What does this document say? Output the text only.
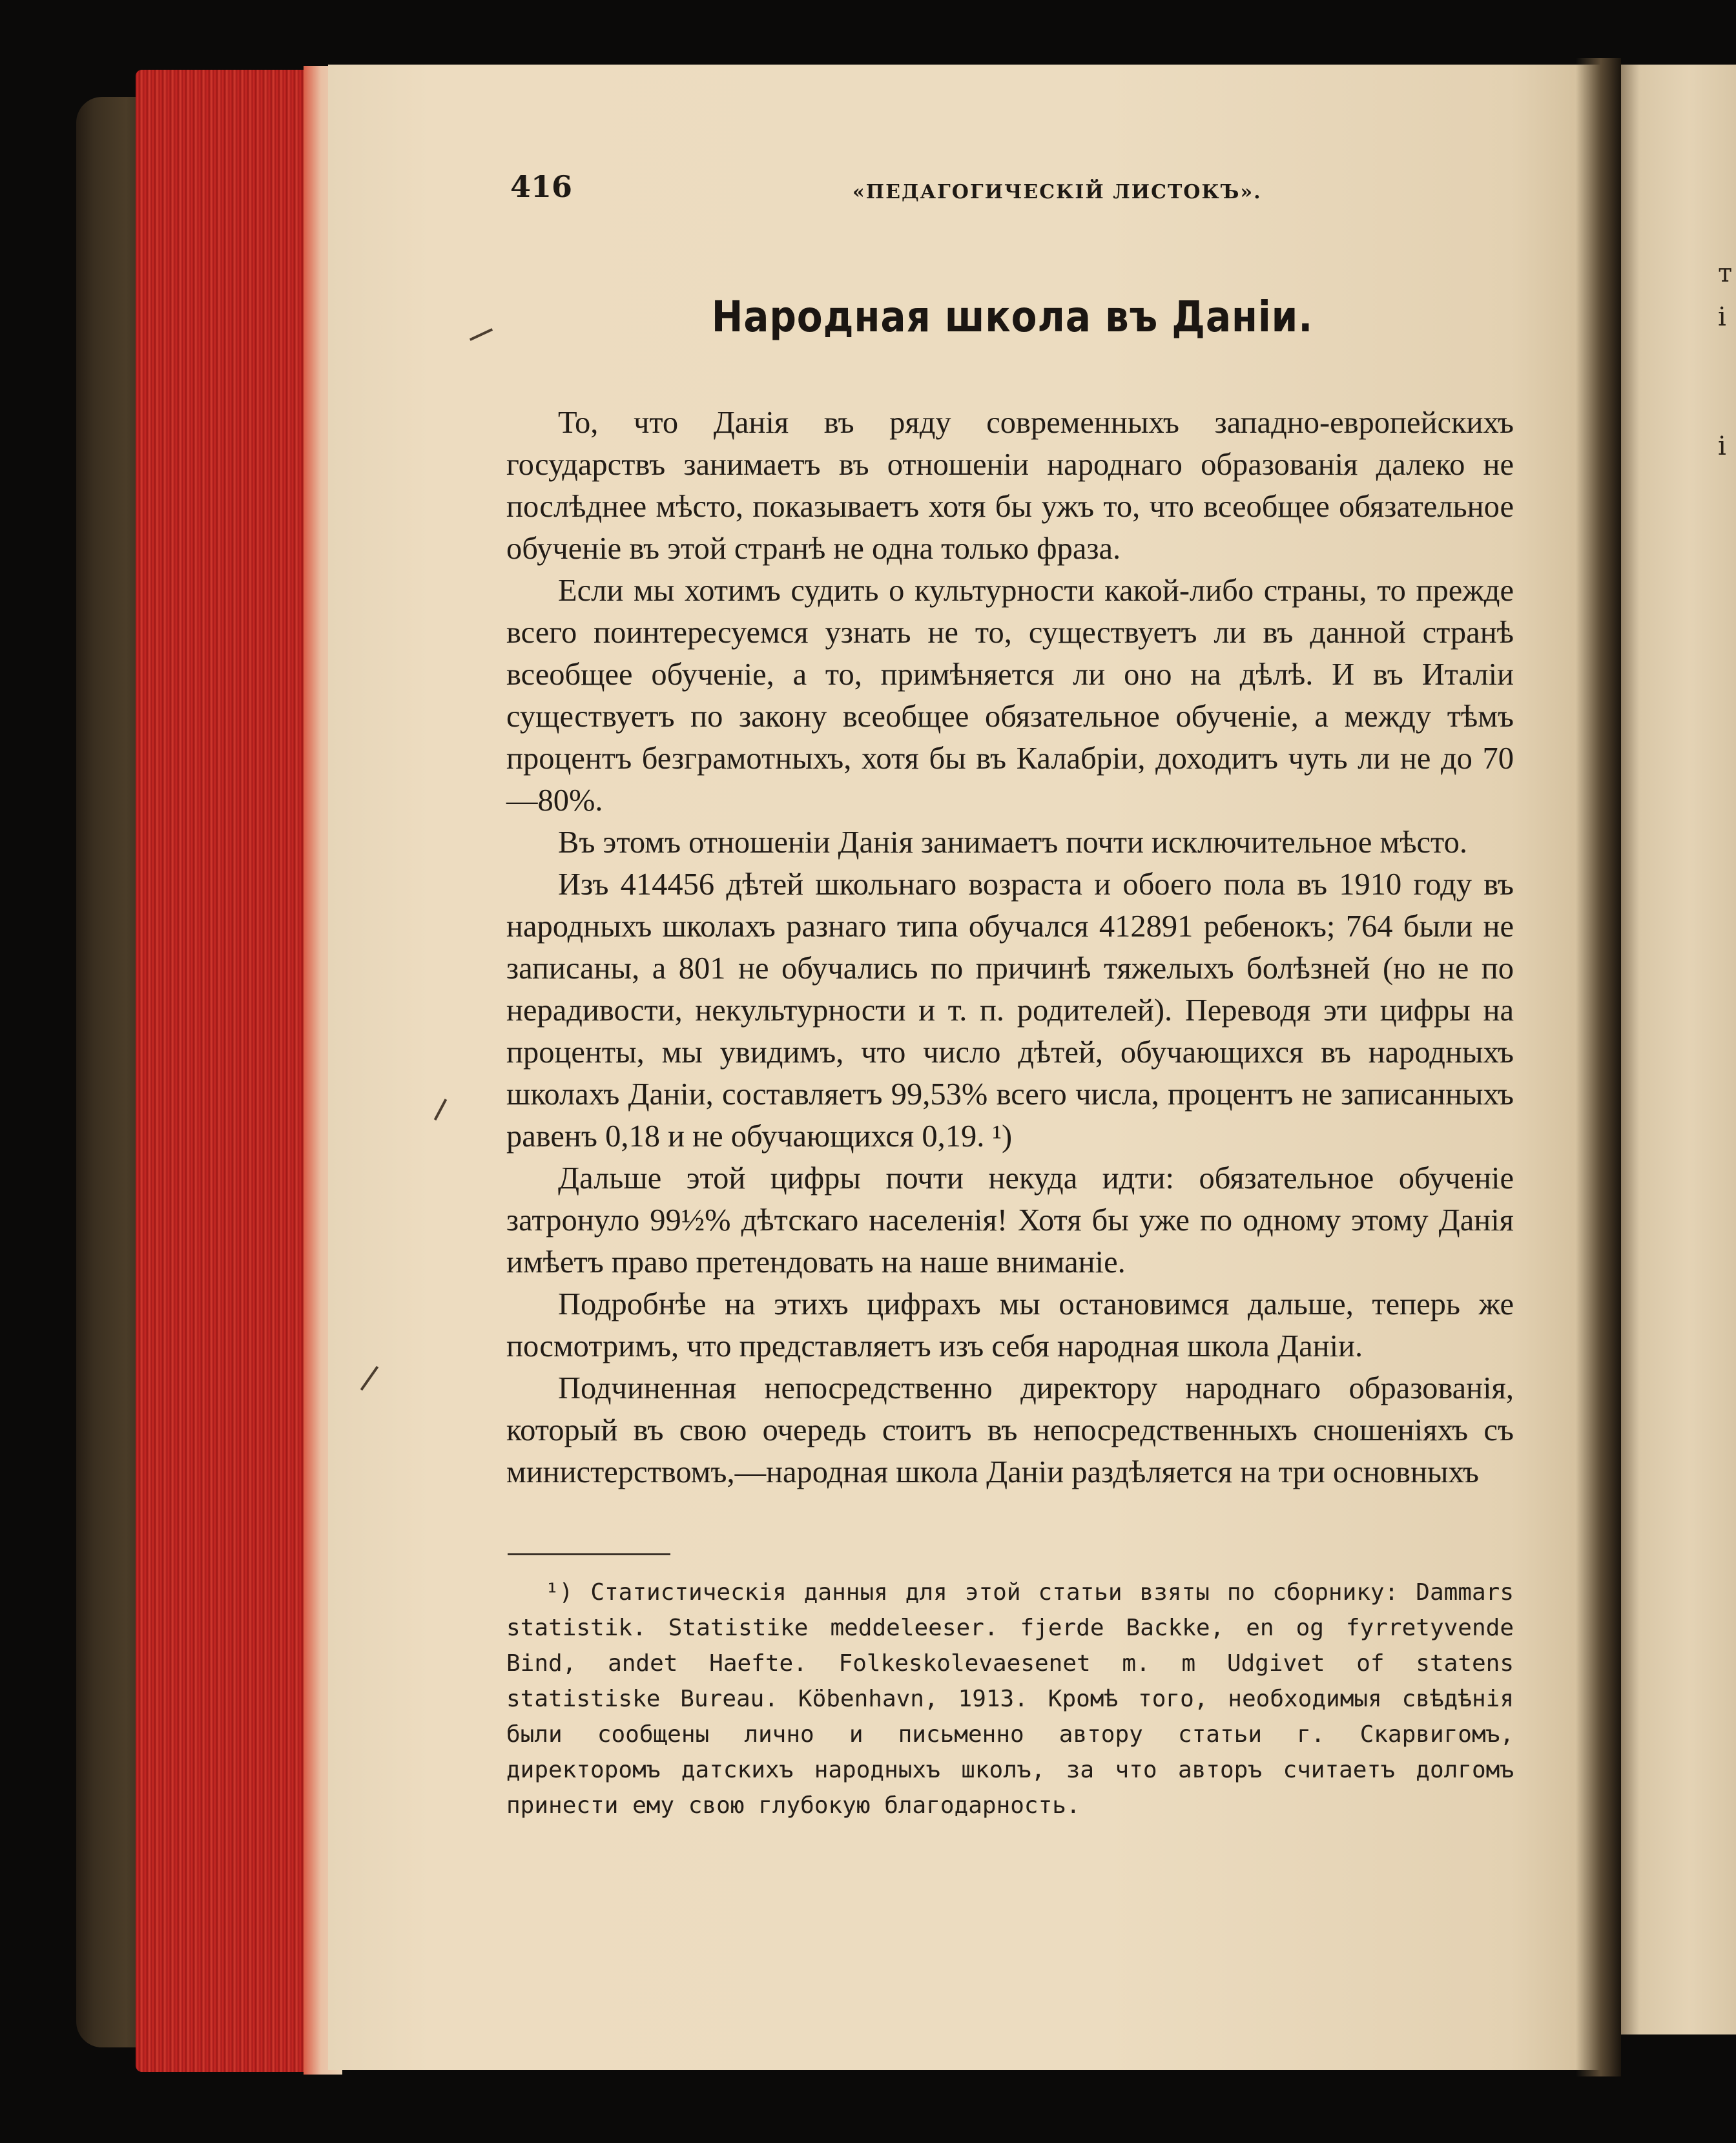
т
і
і
416	«ПЕДАГОГИЧЕСКІЙ ЛИСТОКЪ».
Народная школа въ Даніи.

То, что Данія въ ряду современныхъ западно-европейскихъ государствъ занимаетъ въ отношеніи народнаго образованія далеко не послѣднее мѣсто, показываетъ хотя бы ужъ то, что всеобщее обязательное обученіе въ этой странѣ не одна только фраза.

Если мы хотимъ судить о культурности какой-либо страны, то прежде всего поинтересуемся узнать не то, существуетъ ли въ данной странѣ всеобщее обученіе, а то, примѣняется ли оно на дѣлѣ. И въ Италіи существуетъ по закону всеобщее обязательное обученіе, а между тѣмъ процентъ безграмотныхъ, хотя бы въ Калабріи, доходитъ чуть ли не до 70—80%.

Въ этомъ отношеніи Данія занимаетъ почти исключительное мѣсто.

Изъ 414456 дѣтей школьнаго возраста и обоего пола въ 1910 году въ народныхъ школахъ разнаго типа обучался 412891 ребенокъ; 764 были не записаны, а 801 не обучались по причинѣ тяжелыхъ болѣзней (но не по нерадивости, некультурности и т. п. родителей). Переводя эти цифры на проценты, мы увидимъ, что число дѣтей, обучающихся въ народныхъ школахъ Даніи, составляетъ 99,53% всего числа, процентъ не записанныхъ равенъ 0,18 и не обучающихся 0,19. ¹)

Дальше этой цифры почти некуда идти: обязательное обученіе затронуло 99½% дѣтскаго населенія! Хотя бы уже по одному этому Данія имѣетъ право претендовать на наше вниманіе.

Подробнѣе на этихъ цифрахъ мы остановимся дальше, теперь же посмотримъ, что представляетъ изъ себя народная школа Даніи.

Подчиненная непосредственно директору народнаго образованія, который въ свою очередь стоитъ въ непосредственныхъ сношеніяхъ съ министерствомъ,—народная школа Даніи раздѣляется на три основныхъ

¹) Статистическія данныя для этой статьи взяты по сборнику: Dammars statistik. Statistike meddeleeser. fjerde Backke, en og fyrretyvende Bind, andet Haefte. Folkeskolevaesenet m. m Udgivet of statens statistiske Bureau. Köbenhavn, 1913. Кромѣ того, необходимыя свѣдѣнія были сообщены лично и письменно автору статьи г. Скарвигомъ, директоромъ датскихъ народныхъ школъ, за что авторъ считаетъ долгомъ принести ему свою глубокую благодарность.
